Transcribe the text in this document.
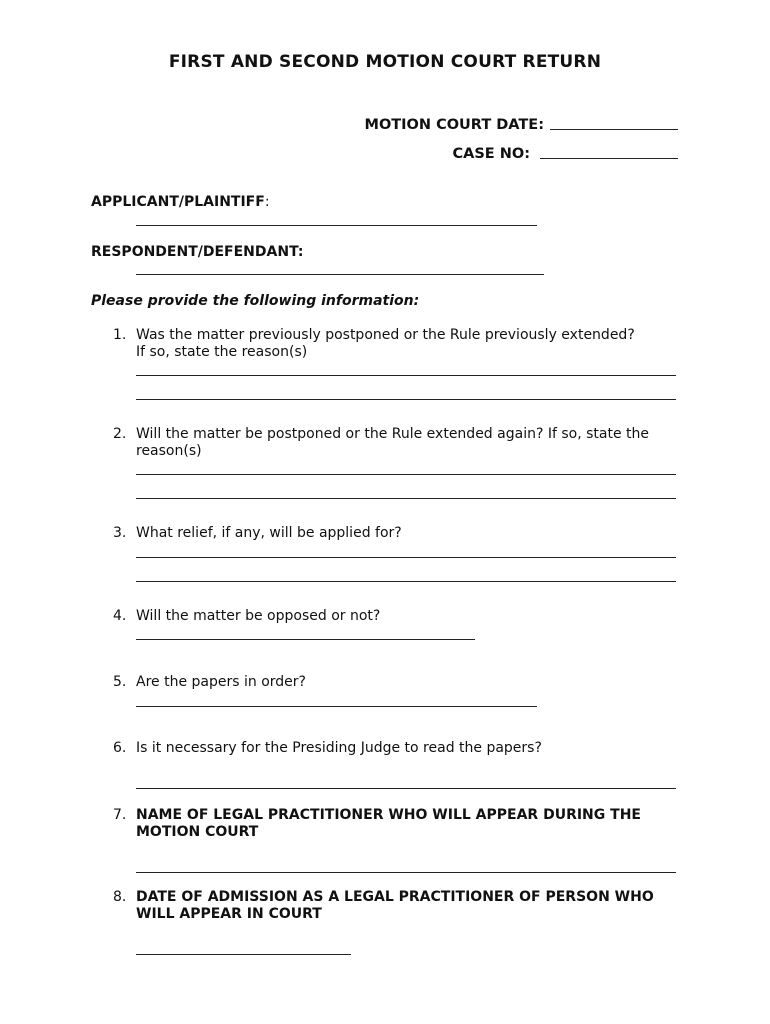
FIRST AND SECOND MOTION COURT RETURN
MOTION COURT DATE:
CASE NO:
APPLICANT/PLAINTIFF:
RESPONDENT/DEFENDANT:
Please provide the following information:
1. Was the matter previously postponed or the Rule previously extended?
If so, state the reason(s)
2. Will the matter be postponed or the Rule extended again? If so, state the
reason(s)
3. What relief, if any, will be applied for?
4. Will the matter be opposed or not?
5. Are the papers in order?
6. Is it necessary for the Presiding Judge to read the papers?
7. NAME OF LEGAL PRACTITIONER WHO WILL APPEAR DURING THE
MOTION COURT
8. DATE OF ADMISSION AS A LEGAL PRACTITIONER OF PERSON WHO
WILL APPEAR IN COURT
